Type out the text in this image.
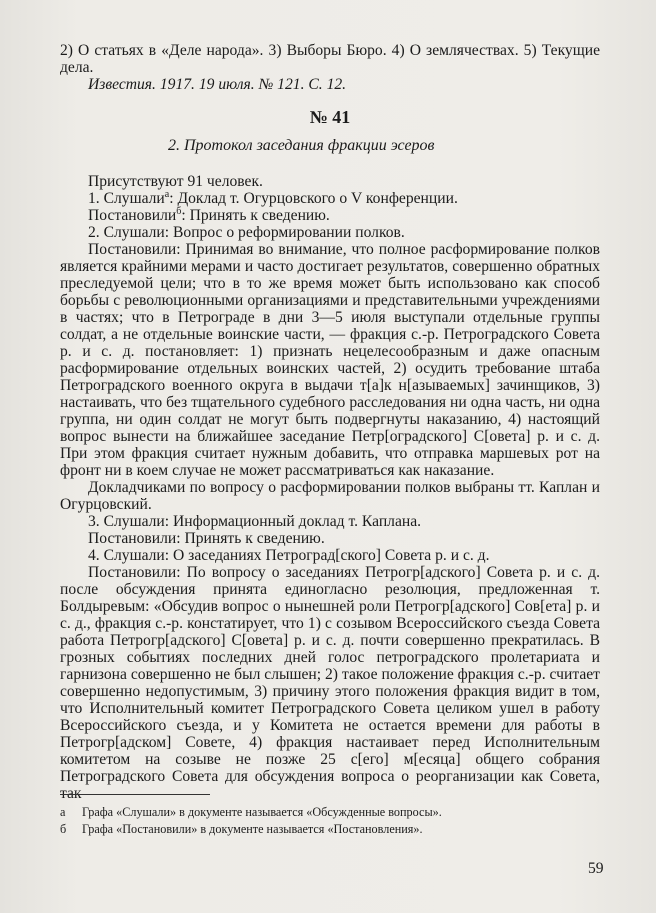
2) О статьях в «Деле народа». 3) Выборы Бюро. 4) О землячествах. 5) Текущие дела.

Известия. 1917. 19 июля. № 121. С. 12.

№ 41
2. Протокол заседания фракции эсеров

Присутствуют 91 человек.

1. Слушали$^а$: Доклад т. Огурцовского о V конференции.

Постановили$^б$: Принять к сведению.

2. Слушали: Вопрос о реформировании полков.

Постановили: Принимая во внимание, что полное расформирование полков является крайними мерами и часто достигает результатов, совершенно обратных преследуемой цели; что в то же время может быть использовано как способ борьбы с революционными организациями и представительными учреждениями в частях; что в Петрограде в дни 3—5 июля выступали отдельные группы солдат, а не отдельные воинские части, — фракция с.-р. Петроградского Совета р. и с. д. постановляет: 1) признать нецелесообразным и даже опасным расформирование отдельных воинских частей, 2) осудить требование штаба Петроградского военного округа в выдачи т[а]к н[азываемых] зачинщиков, 3) настаивать, что без тщательного судебного расследования ни одна часть, ни одна группа, ни один солдат не могут быть подвергнуты наказанию, 4) настоящий вопрос вынести на ближайшее заседание Петр[оградского] С[овета] р. и с. д. При этом фракция считает нужным добавить, что отправка маршевых рот на фронт ни в коем случае не может рассматриваться как наказание.

Докладчиками по вопросу о расформировании полков выбраны тт. Каплан и Огурцовский.

3. Слушали: Информационный доклад т. Каплана.

Постановили: Принять к сведению.

4. Слушали: О заседаниях Петроград[ского] Совета р. и с. д.

Постановили: По вопросу о заседаниях Петрогр[адского] Совета р. и с. д. после обсуждения принята единогласно резолюция, предложенная т. Болдыревым: «Обсудив вопрос о нынешней роли Петрогр[адского] Сов[ета] р. и с. д., фракция с.-р. констатирует, что 1) с созывом Всероссийского съезда Совета работа Петрогр[адского] С[овета] р. и с. д. почти совершенно прекратилась. В грозных событиях последних дней голос петроградского пролетариата и гарнизона совершенно не был слышен; 2) такое положение фракция с.-р. считает совершенно недопустимым, 3) причину этого положения фракция видит в том, что Исполнительный комитет Петроградского Совета целиком ушел в работу Всероссийского съезда, и у Комитета не остается времени для работы в Петрогр[адском] Совете, 4) фракция настаивает перед Исполнительным комитетом на созыве не позже 25 с[его] м[есяца] общего собрания Петроградского Совета для обсуждения вопроса о реорганизации как Совета, так

а	Графа «Слушали» в документе называется «Обсужденные вопросы».
б	Графа «Постановили» в документе называется «Постановления».
59
